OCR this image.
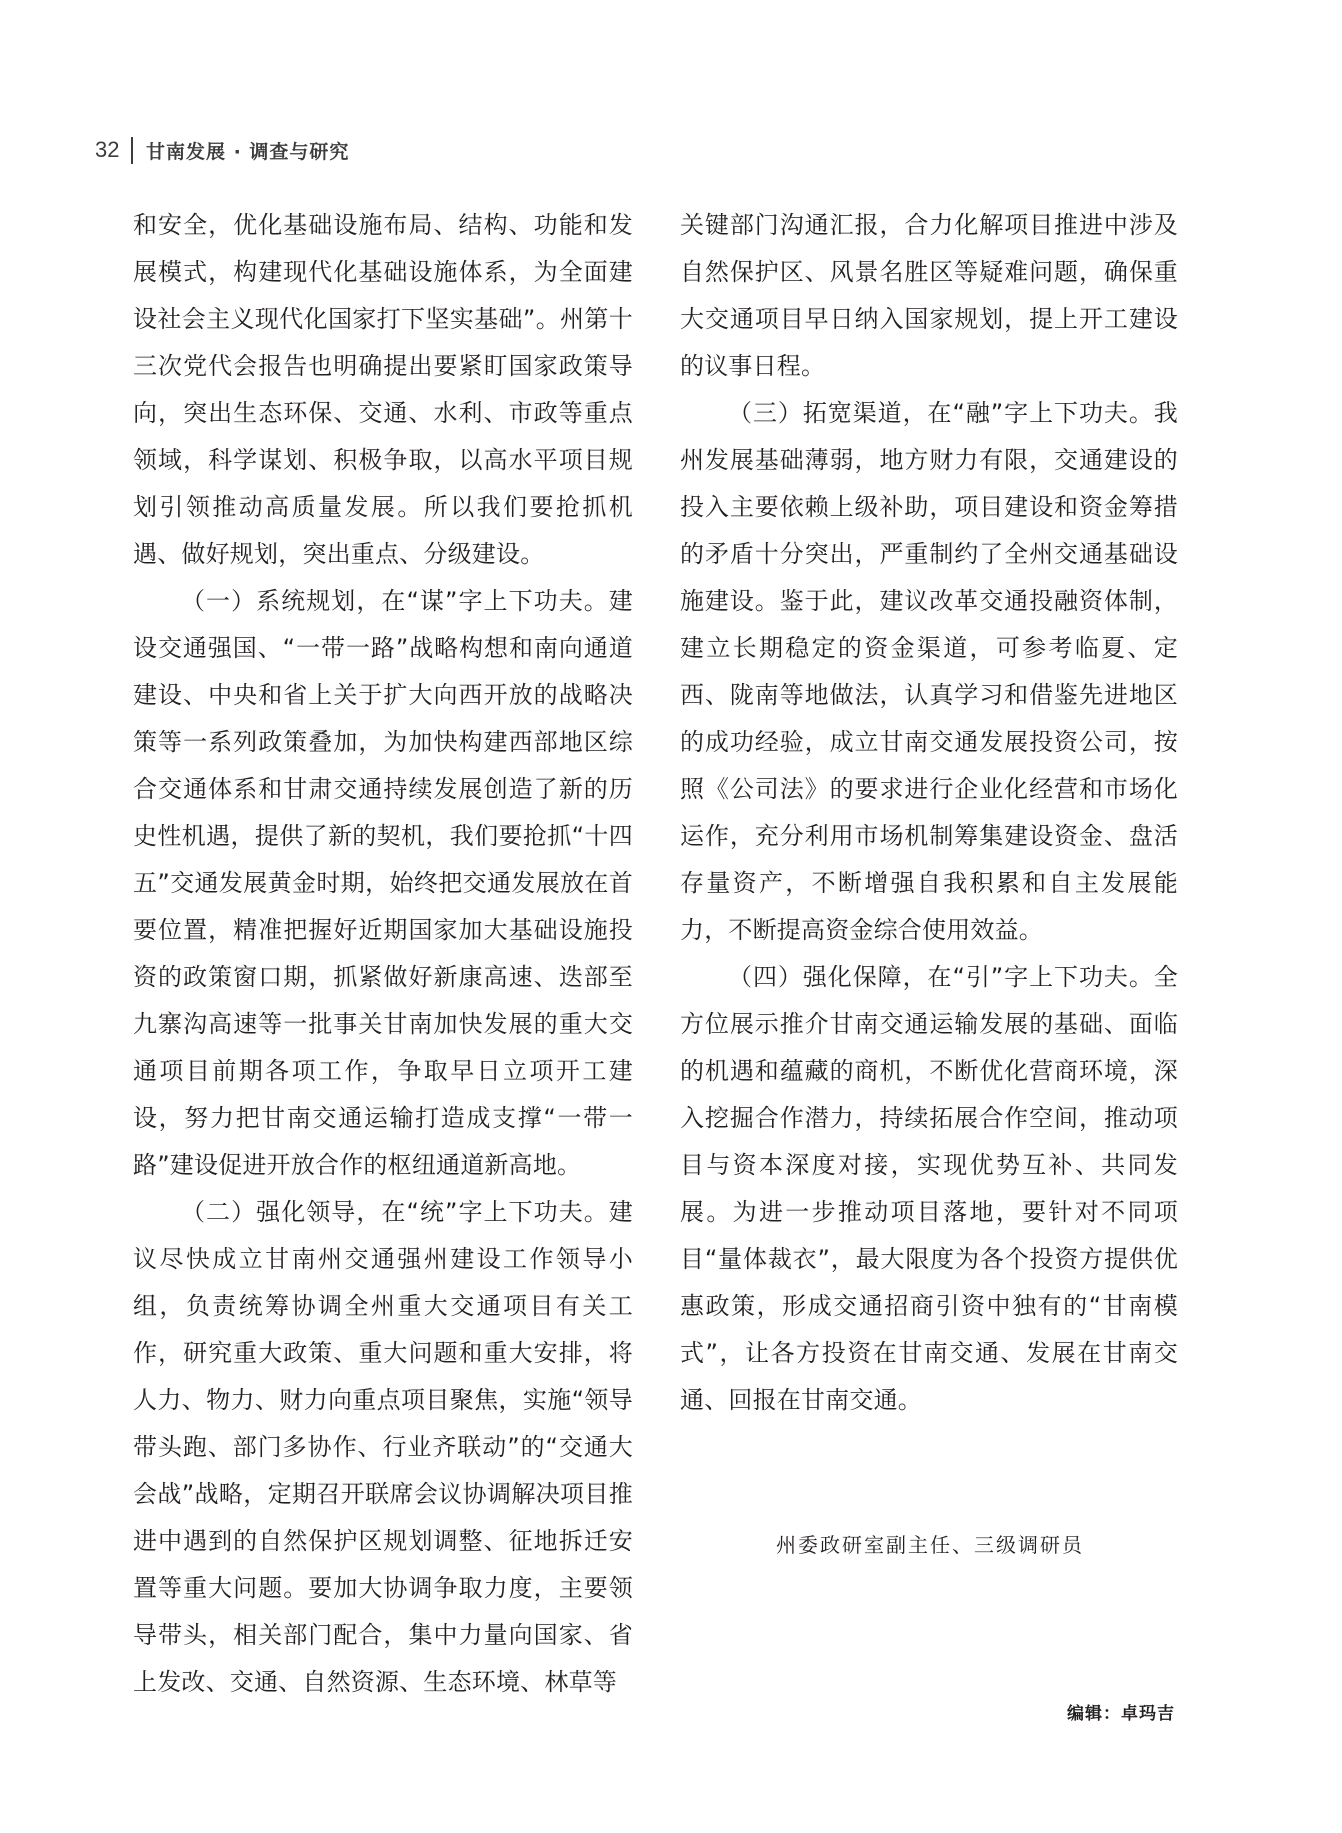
32 甘南发展 · 调查与研究

和安全，优化基础设施布局、结构、功能和发展模式，构建现代化基础设施体系，为全面建设社会主义现代化国家打下坚实基础”。州第十三次党代会报告也明确提出要紧盯国家政策导向，突出生态环保、交通、水利、市政等重点领域，科学谋划、积极争取，以高水平项目规划引领推动高质量发展。所以我们要抢抓机遇、做好规划，突出重点、分级建设。

（一）系统规划，在“谋”字上下功夫。建设交通强国、“一带一路”战略构想和南向通道建设、中央和省上关于扩大向西开放的战略决策等一系列政策叠加，为加快构建西部地区综合交通体系和甘肃交通持续发展创造了新的历史性机遇，提供了新的契机，我们要抢抓“十四五”交通发展黄金时期，始终把交通发展放在首要位置，精准把握好近期国家加大基础设施投资的政策窗口期，抓紧做好新康高速、迭部至九寨沟高速等一批事关甘南加快发展的重大交通项目前期各项工作，争取早日立项开工建设，努力把甘南交通运输打造成支撑“一带一路”建设促进开放合作的枢纽通道新高地。

（二）强化领导，在“统”字上下功夫。建议尽快成立甘南州交通强州建设工作领导小组，负责统筹协调全州重大交通项目有关工作，研究重大政策、重大问题和重大安排，将人力、物力、财力向重点项目聚焦，实施“领导带头跑、部门多协作、行业齐联动”的“交通大会战”战略，定期召开联席会议协调解决项目推进中遇到的自然保护区规划调整、征地拆迁安置等重大问题。要加大协调争取力度，主要领导带头，相关部门配合，集中力量向国家、省上发改、交通、自然资源、生态环境、林草等

关键部门沟通汇报，合力化解项目推进中涉及自然保护区、风景名胜区等疑难问题，确保重大交通项目早日纳入国家规划，提上开工建设的议事日程。

（三）拓宽渠道，在“融”字上下功夫。我州发展基础薄弱，地方财力有限，交通建设的投入主要依赖上级补助，项目建设和资金筹措的矛盾十分突出，严重制约了全州交通基础设施建设。鉴于此，建议改革交通投融资体制，建立长期稳定的资金渠道，可参考临夏、定西、陇南等地做法，认真学习和借鉴先进地区的成功经验，成立甘南交通发展投资公司，按照《公司法》的要求进行企业化经营和市场化运作，充分利用市场机制筹集建设资金、盘活存量资产，不断增强自我积累和自主发展能力，不断提高资金综合使用效益。

（四）强化保障，在“引”字上下功夫。全方位展示推介甘南交通运输发展的基础、面临的机遇和蕴藏的商机，不断优化营商环境，深入挖掘合作潜力，持续拓展合作空间，推动项目与资本深度对接，实现优势互补、共同发展。为进一步推动项目落地，要针对不同项目“量体裁衣”，最大限度为各个投资方提供优惠政策，形成交通招商引资中独有的“甘南模式”，让各方投资在甘南交通、发展在甘南交通、回报在甘南交通。

州委政研室副主任、三级调研员
编辑：卓玛吉
